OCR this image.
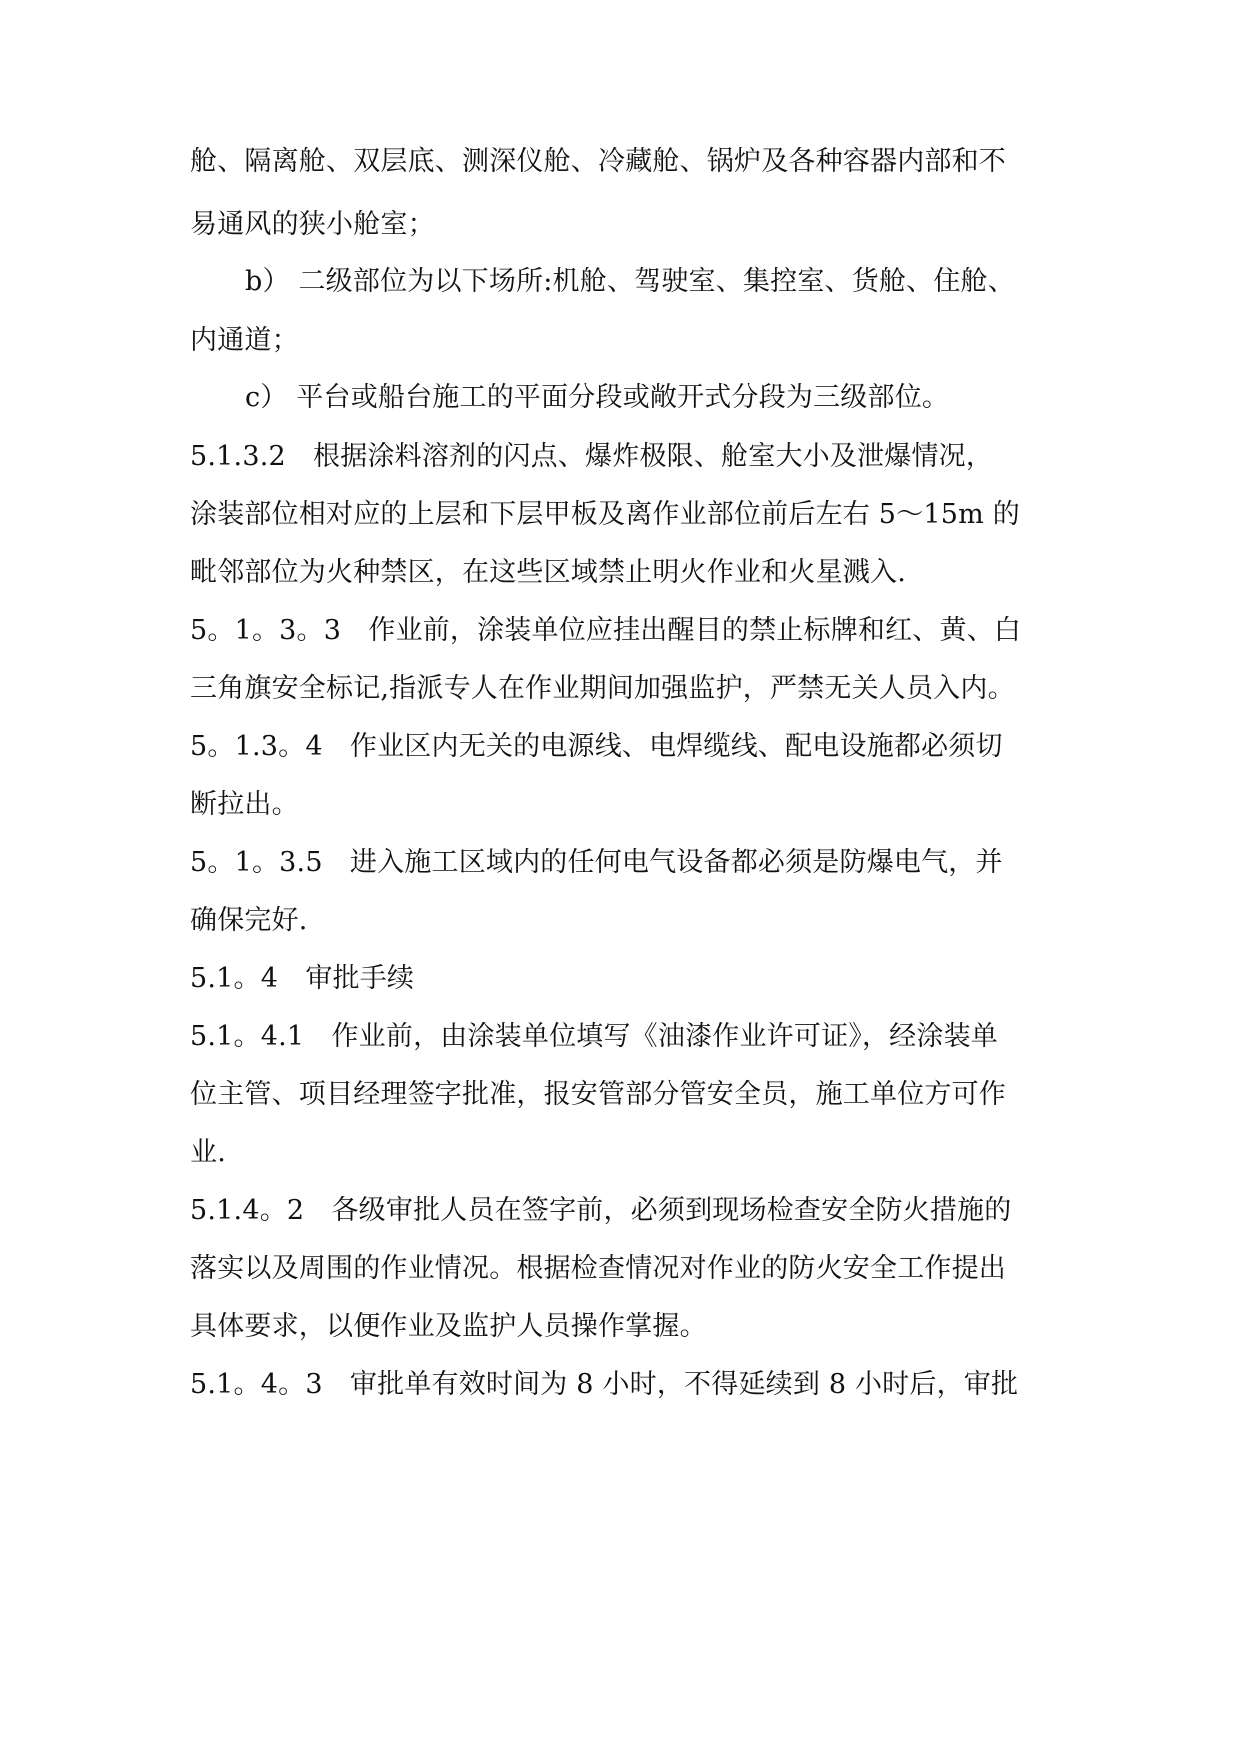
舱、隔离舱、双层底、测深仪舱、冷藏舱、锅炉及各种容器内部和不
易通风的狭小舱室；
b） 二级部位为以下场所:机舱、驾驶室、集控室、货舱、住舱、
内通道；
c） 平台或船台施工的平面分段或敞开式分段为三级部位。
5.1.3.2　根据涂料溶剂的闪点、爆炸极限、舱室大小及泄爆情况，
涂装部位相对应的上层和下层甲板及离作业部位前后左右 5～15m 的
毗邻部位为火种禁区，在这些区域禁止明火作业和火星溅入.
5。1。3。3　作业前，涂装单位应挂出醒目的禁止标牌和红、黄、白
三角旗安全标记,指派专人在作业期间加强监护，严禁无关人员入内。
5。1.3。4　作业区内无关的电源线、电焊缆线、配电设施都必须切
断拉出。
5。1。3.5　进入施工区域内的任何电气设备都必须是防爆电气，并
确保完好.
5.1。4　审批手续
5.1。4.1　作业前，由涂装单位填写《油漆作业许可证》，经涂装单
位主管、项目经理签字批准，报安管部分管安全员，施工单位方可作
业.
5.1.4。2　各级审批人员在签字前，必须到现场检查安全防火措施的
落实以及周围的作业情况。根据检查情况对作业的防火安全工作提出
具体要求，以便作业及监护人员操作掌握。
5.1。4。3　审批单有效时间为 8 小时，不得延续到 8 小时后，审批
